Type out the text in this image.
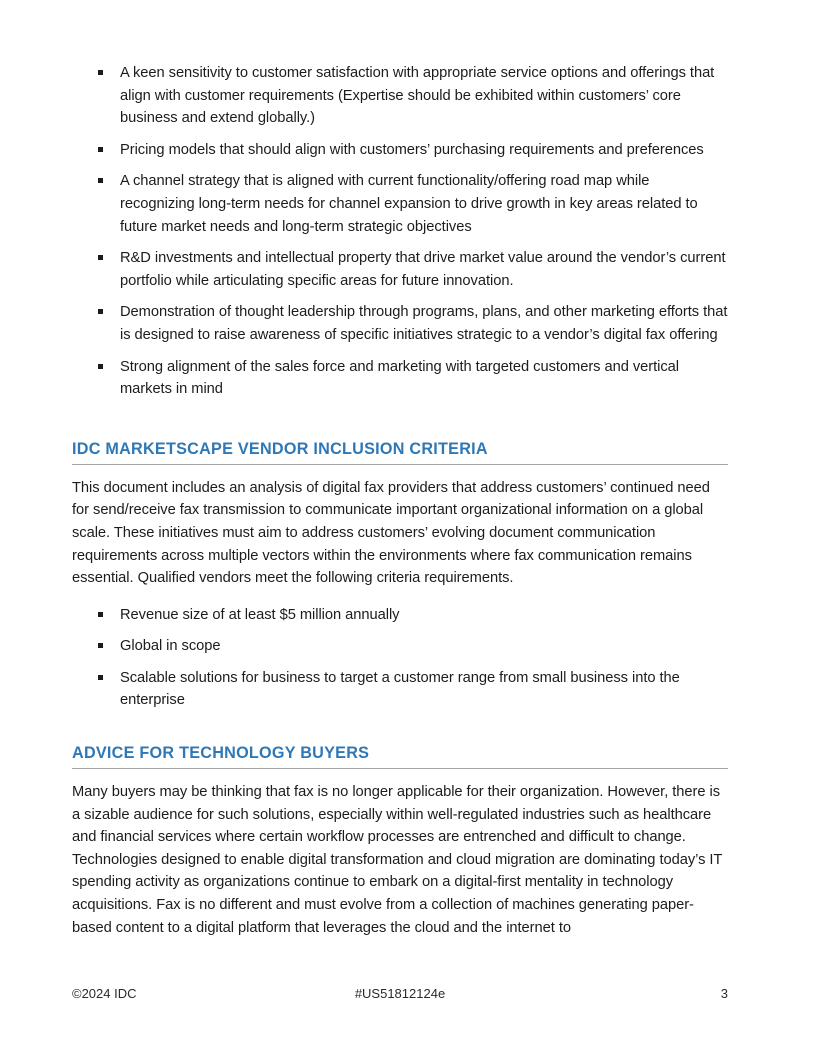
A keen sensitivity to customer satisfaction with appropriate service options and offerings that align with customer requirements (Expertise should be exhibited within customers’ core business and extend globally.)
Pricing models that should align with customers’ purchasing requirements and preferences
A channel strategy that is aligned with current functionality/offering road map while recognizing long-term needs for channel expansion to drive growth in key areas related to future market needs and long-term strategic objectives
R&D investments and intellectual property that drive market value around the vendor’s current portfolio while articulating specific areas for future innovation.
Demonstration of thought leadership through programs, plans, and other marketing efforts that is designed to raise awareness of specific initiatives strategic to a vendor’s digital fax offering
Strong alignment of the sales force and marketing with targeted customers and vertical markets in mind
IDC MARKETSCAPE VENDOR INCLUSION CRITERIA

This document includes an analysis of digital fax providers that address customers’ continued need for send/receive fax transmission to communicate important organizational information on a global scale. These initiatives must aim to address customers’ evolving document communication requirements across multiple vectors within the environments where fax communication remains essential. Qualified vendors meet the following criteria requirements.

Revenue size of at least $5 million annually
Global in scope
Scalable solutions for business to target a customer range from small business into the enterprise
ADVICE FOR TECHNOLOGY BUYERS

Many buyers may be thinking that fax is no longer applicable for their organization. However, there is a sizable audience for such solutions, especially within well-regulated industries such as healthcare and financial services where certain workflow processes are entrenched and difficult to change. Technologies designed to enable digital transformation and cloud migration are dominating today’s IT spending activity as organizations continue to embark on a digital-first mentality in technology acquisitions. Fax is no different and must evolve from a collection of machines generating paper-based content to a digital platform that leverages the cloud and the internet to

©2024 IDC	#US51812124e	3
